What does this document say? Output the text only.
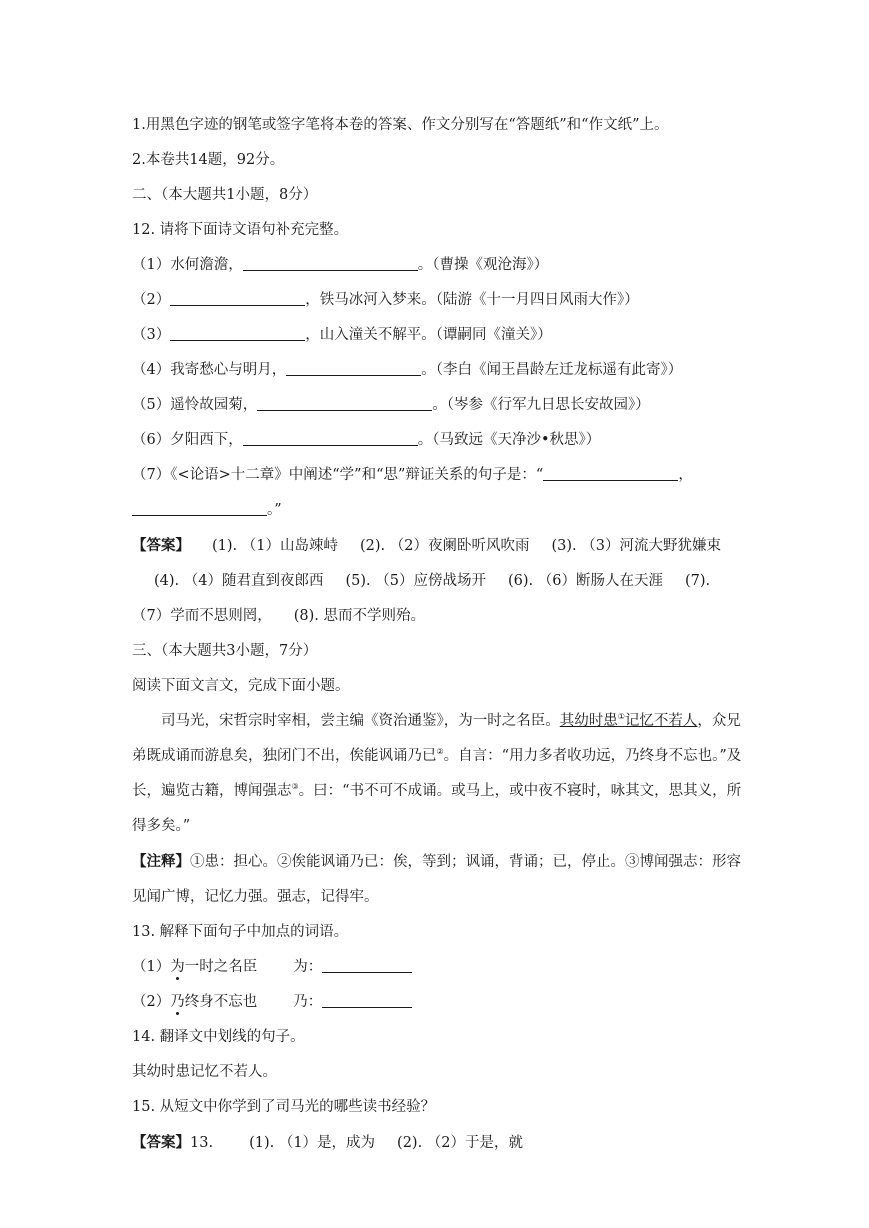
1.用黑色字迹的钢笔或签字笔将本卷的答案、作文分别写在“答题纸”和“作文纸”上。

2.本卷共14题，92分。

二、（本大题共1小题，8分）

12. 请将下面诗文语句补充完整。

（1）水何澹澹，	。（曹操《观沧海》）

（2）	，铁马冰河入梦来。（陆游《十一月四日风雨大作》）

（3）	，山入潼关不解平。（谭嗣同《潼关》）

（4）我寄愁心与明月，	。（李白《闻王昌龄左迁龙标遥有此寄》）

（5）遥怜故园菊，	。（岑参《行军九日思长安故园》）

（6）夕阳西下，	。（马致远《天净沙•秋思》）

（7）《<论语>十二章》中阐述“学”和“思”辩证关系的句子是：“	，

。”

【答案】 (1). （1）山岛竦峙 (2). （2）夜阑卧听风吹雨 (3). （3）河流大野犹嫌束(4). （4）随君直到夜郎西 (5). （5）应傍战场开 (6). （6）断肠人在天涯 (7). （7）学而不思则罔， (8). 思而不学则殆。

三、（本大题共3小题，7分）

阅读下面文言文，完成下面小题。

司马光，宋哲宗时宰相，尝主编《资治通鉴》，为一时之名臣。其幼时患①记忆不若人，众兄弟既成诵而游息矣，独闭门不出，俟能讽诵乃已②。自言：“用力多者收功远，乃终身不忘也。”及长，遍览古籍，博闻强志③。曰：“书不可不成诵。或马上，或中夜不寝时，咏其文，思其义，所得多矣。”

【注释】①患：担心。②俟能讽诵乃已：俟，等到；讽诵，背诵；已，停止。③博闻强志：形容见闻广博，记忆力强。强志，记得牢。

13. 解释下面句子中加点的词语。

（1）为一时之名臣 为：

（2）乃终身不忘也 乃：

14. 翻译文中划线的句子。

其幼时患记忆不若人。

15. 从短文中你学到了司马光的哪些读书经验？

【答案】13. (1). （1）是，成为 (2). （2）于是，就
